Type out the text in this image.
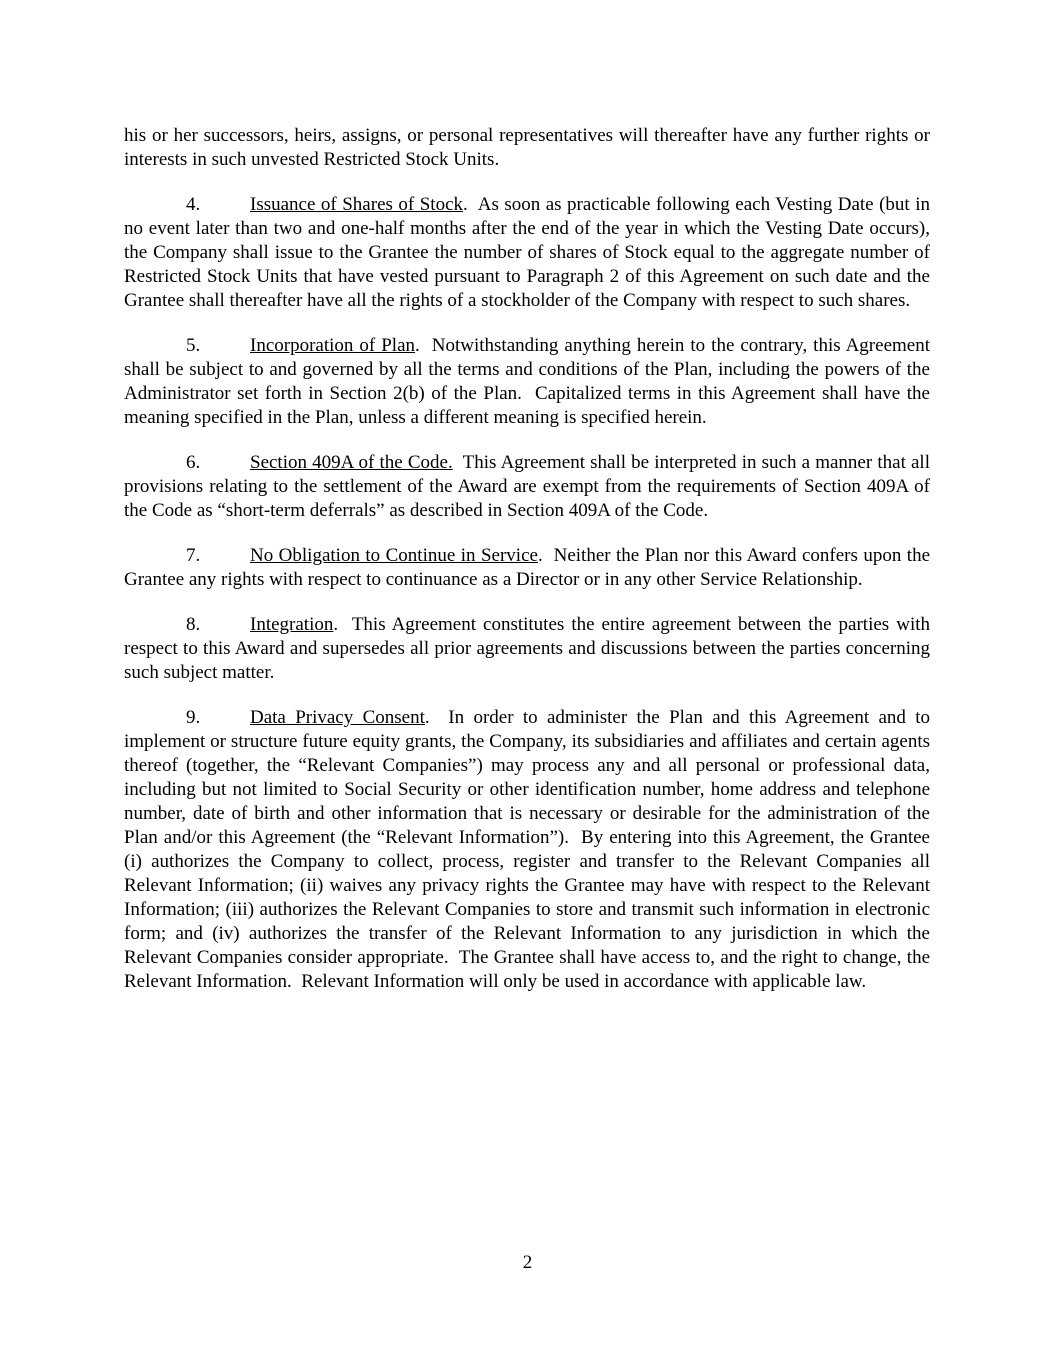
his or her successors, heirs, assigns, or personal representatives will thereafter have any further rights or interests in such unvested Restricted Stock Units.

4.	Issuance of Shares of Stock.  As soon as practicable following each Vesting Date (but in no event later than two and one-half months after the end of the year in which the Vesting Date occurs), the Company shall issue to the Grantee the number of shares of Stock equal to the aggregate number of Restricted Stock Units that have vested pursuant to Paragraph 2 of this Agreement on such date and the Grantee shall thereafter have all the rights of a stockholder of the Company with respect to such shares.

5.	Incorporation of Plan.  Notwithstanding anything herein to the contrary, this Agreement shall be subject to and governed by all the terms and conditions of the Plan, including the powers of the Administrator set forth in Section 2(b) of the Plan.  Capitalized terms in this Agreement shall have the meaning specified in the Plan, unless a different meaning is specified herein.

6.	Section 409A of the Code.  This Agreement shall be interpreted in such a manner that all provisions relating to the settlement of the Award are exempt from the requirements of Section 409A of the Code as “short-term deferrals” as described in Section 409A of the Code.

7.	No Obligation to Continue in Service.  Neither the Plan nor this Award confers upon the Grantee any rights with respect to continuance as a Director or in any other Service Relationship.

8.	Integration.  This Agreement constitutes the entire agreement between the parties with respect to this Award and supersedes all prior agreements and discussions between the parties concerning such subject matter.

9.	Data Privacy Consent.  In order to administer the Plan and this Agreement and to implement or structure future equity grants, the Company, its subsidiaries and affiliates and certain agents thereof (together, the “Relevant Companies”) may process any and all personal or professional data, including but not limited to Social Security or other identification number, home address and telephone number, date of birth and other information that is necessary or desirable for the administration of the Plan and/or this Agreement (the “Relevant Information”).  By entering into this Agreement, the Grantee (i) authorizes the Company to collect, process, register and transfer to the Relevant Companies all Relevant Information; (ii) waives any privacy rights the Grantee may have with respect to the Relevant Information; (iii) authorizes the Relevant Companies to store and transmit such information in electronic form; and (iv) authorizes the transfer of the Relevant Information to any jurisdiction in which the Relevant Companies consider appropriate.  The Grantee shall have access to, and the right to change, the Relevant Information.  Relevant Information will only be used in accordance with applicable law.

2
